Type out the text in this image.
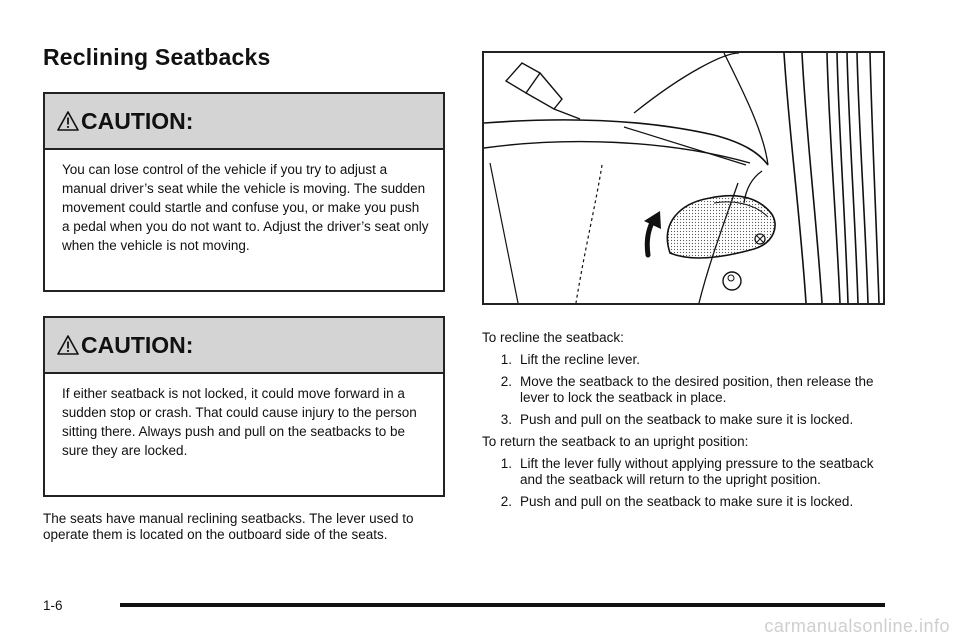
Reclining Seatbacks
CAUTION:

You can lose control of the vehicle if you try to adjust a manual driver’s seat while the vehicle is moving. The sudden movement could startle and confuse you, or make you push a pedal when you do not want to. Adjust the driver’s seat only when the vehicle is not moving.

CAUTION:

If either seatback is not locked, it could move forward in a sudden stop or crash. That could cause injury to the person sitting there. Always push and pull on the seatbacks to be sure they are locked.

The seats have manual reclining seatbacks. The lever used to operate them is located on the outboard side of the seats.

To recline the seatback:

1. Lift the recline lever.
2. Move the seatback to the desired position, then release the lever to lock the seatback in place.
3. Push and pull on the seatback to make sure it is locked.

To return the seatback to an upright position:

1. Lift the lever fully without applying pressure to the seatback and the seatback will return to the upright position.
2. Push and pull on the seatback to make sure it is locked.
1-6
carmanualsonline.info
